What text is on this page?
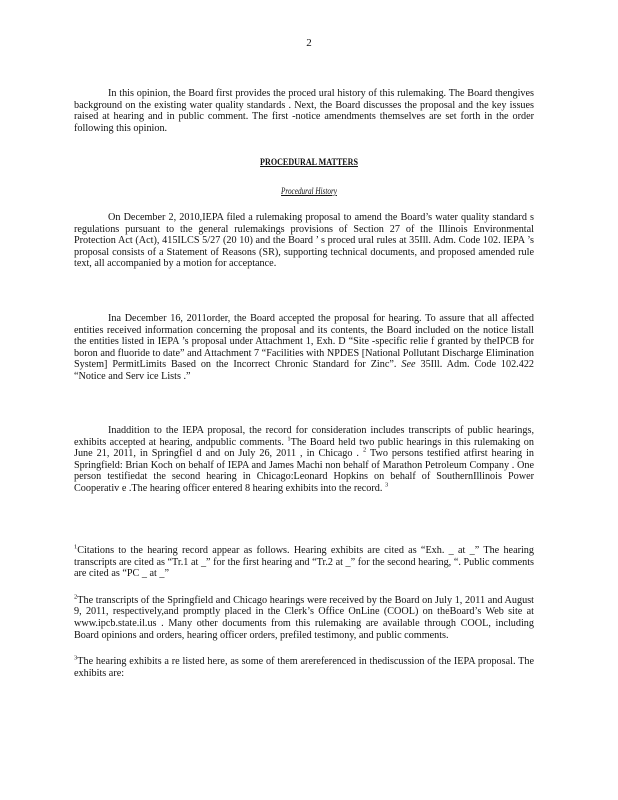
2

In this opinion, the Board first provides the proced ural history of this rulemaking. The Board thengives background on the existing water quality standards . Next, the Board discusses the proposal and the key issues raised at hearing and in public comment. The first -notice amendments themselves are set forth in the order following this opinion.

PROCEDURAL MATTERS
Procedural History

On December 2, 2010,IEPA filed a rulemaking proposal to amend the Board’s water quality standard s regulations pursuant to the general rulemakings provisions of Section 27 of the Illinois Environmental Protection Act (Act), 415ILCS 5/27 (20 10) and the Board ’ s proced ural rules at 35Ill. Adm. Code 102. IEPA ’s proposal consists of a Statement of Reasons (SR), supporting technical documents, and proposed amended rule text, all accompanied by a motion for acceptance.

Ina December 16, 2011order, the Board accepted the proposal for hearing. To assure that all affected entities received information concerning the proposal and its contents, the Board included on the notice listall the entities listed in IEPA ’s proposal under Attachment 1, Exh. D “Site -specific relie f granted by theIPCB for boron and fluoride to date” and Attachment 7 “Facilities with NPDES [National Pollutant Discharge Elimination System] PermitLimits Based on the Incorrect Chronic Standard for Zinc”. See 35Ill. Adm. Code 102.422 “Notice and Serv ice Lists .”

Inaddition to the IEPA proposal, the record for consideration includes transcripts of public hearings, exhibits accepted at hearing, andpublic comments. $^1$The Board held two public hearings in this rulemaking on June 21, 2011, in Springfiel d and on July 26, 2011 , in Chicago . $^2$ Two persons testified atfirst hearing in Springfield: Brian Koch on behalf of IEPA and James Machi non behalf of Marathon Petroleum Company . One person testifiedat the second hearing in Chicago:Leonard Hopkins on behalf of SouthernIllinois Power Cooperativ e .The hearing officer entered 8 hearing exhibits into the record. $^3$

$^1$Citations to the hearing record appear as follows. Hearing exhibits are cited as “Exh. _ at _” The hearing transcripts are cited as “Tr.1 at _” for the first hearing and “Tr.2 at _” for the second hearing, “. Public comments are cited as “PC _ at _”

$^2$The transcripts of the Springfield and Chicago hearings were received by the Board on July 1, 2011 and August 9, 2011, respectively,and promptly placed in the Clerk’s Office OnLine (COOL) on theBoard’s Web site at www.ipcb.state.il.us . Many other documents from this rulemaking are available through COOL, including Board opinions and orders, hearing officer orders, prefiled testimony, and public comments.

$^3$The hearing exhibits a re listed here, as some of them arereferenced in thediscussion of the IEPA proposal. The exhibits are:
